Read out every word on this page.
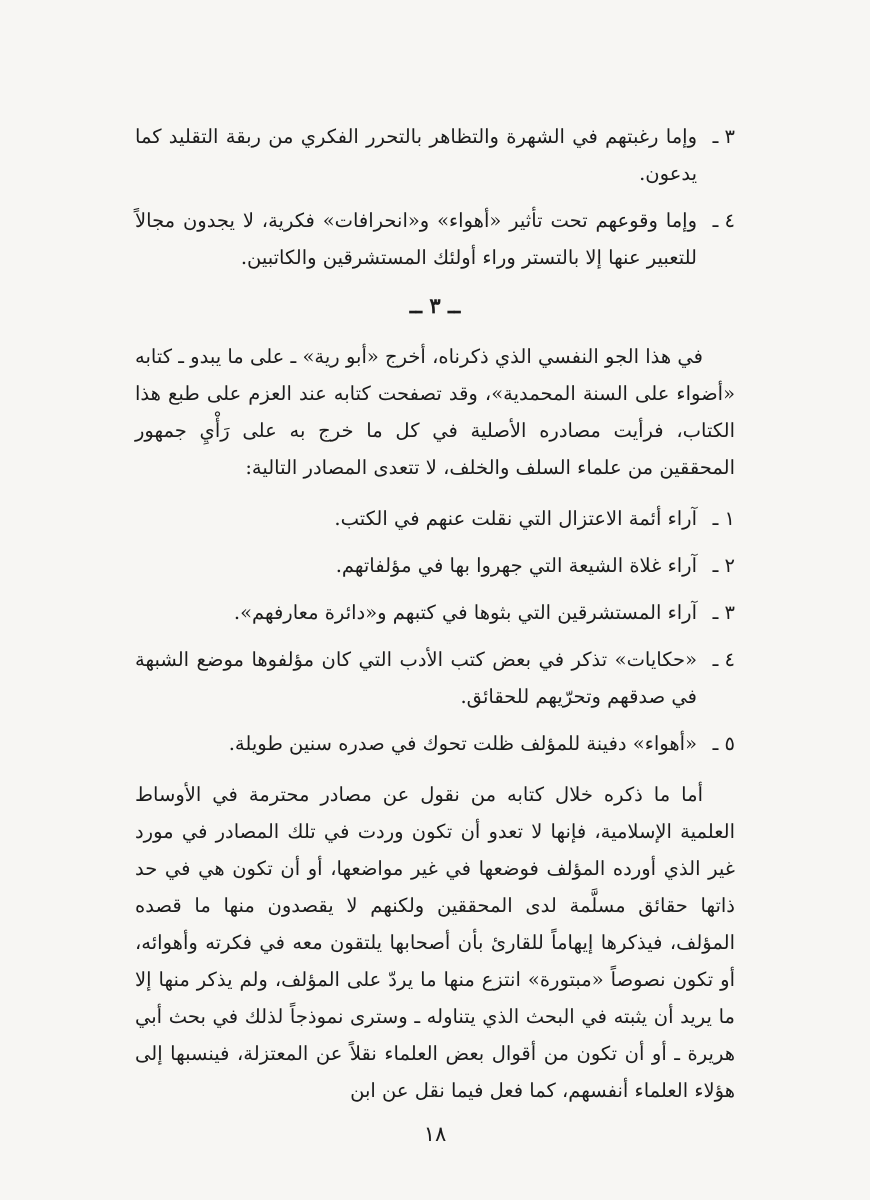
٣ ـ
وإما رغبتهم في الشهرة والتظاهر بالتحرر الفكري من ربقة التقليد كما يدعون.
٤ ـ
وإما وقوعهم تحت تأثير «أهواء» و«انحرافات» فكرية، لا يجدون مجالاً للتعبير عنها إلا بالتستر وراء أولئك المستشرقين والكاتبين.
ــ ٣ ــ

في هذا الجو النفسي الذي ذكرناه، أخرج «أبو رية» ـ على ما يبدو ـ كتابه «أضواء على السنة المحمدية»، وقد تصفحت كتابه عند العزم على طبع هذا الكتاب، فرأيت مصادره الأصلية في كل ما خرج به على رَأْيِ جمهور المحققين من علماء السلف والخلف، لا تتعدى المصادر التالية:

١ ـ
آراء أئمة الاعتزال التي نقلت عنهم في الكتب.
٢ ـ
آراء غلاة الشيعة التي جهروا بها في مؤلفاتهم.
٣ ـ
آراء المستشرقين التي بثوها في كتبهم و«دائرة معارفهم».
٤ ـ
«حكايات» تذكر في بعض كتب الأدب التي كان مؤلفوها موضع الشبهة في صدقهم وتحرّيهم للحقائق.
٥ ـ
«أهواء» دفينة للمؤلف ظلت تحوك في صدره سنين طويلة.

أما ما ذكره خلال كتابه من نقول عن مصادر محترمة في الأوساط العلمية الإسلامية، فإنها لا تعدو أن تكون وردت في تلك المصادر في مورد غير الذي أورده المؤلف فوضعها في غير مواضعها، أو أن تكون هي في حد ذاتها حقائق مسلَّمة لدى المحققين ولكنهم لا يقصدون منها ما قصده المؤلف، فيذكرها إيهاماً للقارئ بأن أصحابها يلتقون معه في فكرته وأهوائه، أو تكون نصوصاً «مبتورة» انتزع منها ما يردّ على المؤلف، ولم يذكر منها إلا ما يريد أن يثبته في البحث الذي يتناوله ـ وسترى نموذجاً لذلك في بحث أبي هريرة ـ أو أن تكون من أقوال بعض العلماء نقلاً عن المعتزلة، فينسبها إلى هؤلاء العلماء أنفسهم، كما فعل فيما نقل عن ابن

١٨
